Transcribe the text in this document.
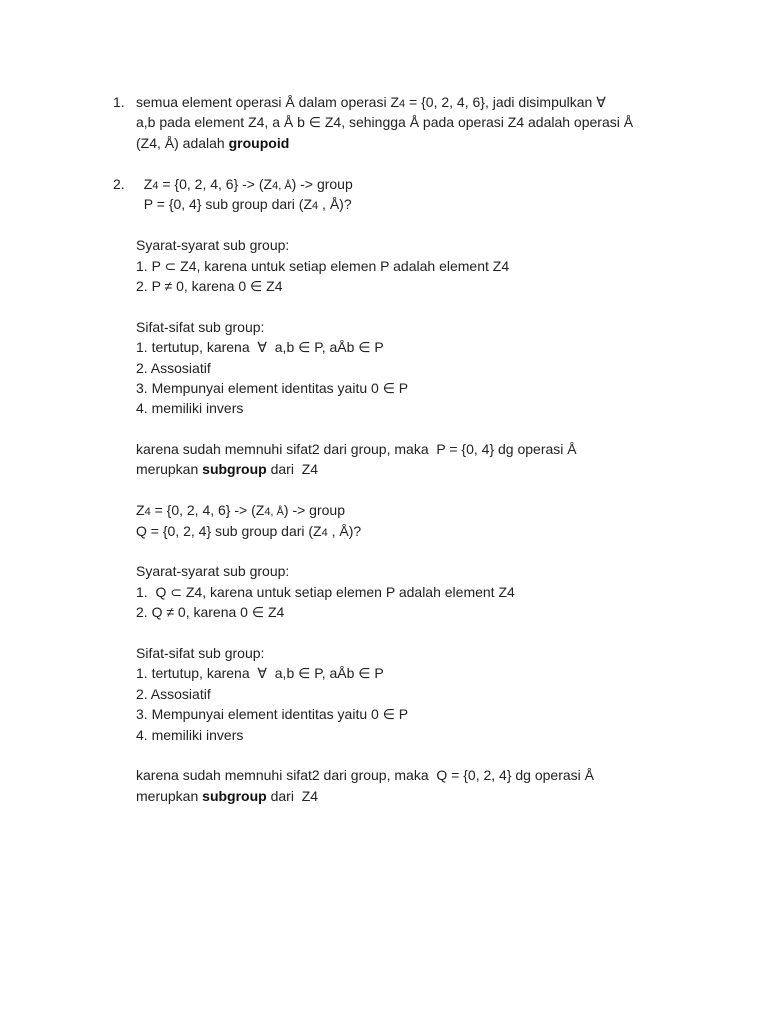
1. semua element operasi Å dalam operasi Z4 = {0, 2, 4, 6}, jadi disimpulkan ∀
a,b pada element Z4, a Å b ∈ Z4, sehingga Å pada operasi Z4 adalah operasi Å
(Z4, Å) adalah groupoid
2. Z4 = {0, 2, 4, 6} -> (Z4, Å) -> group
P = {0, 4} sub group dari (Z4 , Å)?
Syarat-syarat sub group:
1. P ⊂ Z4, karena untuk setiap elemen P adalah element Z4
2. P ≠ 0, karena 0 ∈ Z4
Sifat-sifat sub group:
1. tertutup, karena  ∀  a,b ∈ P, aÅb ∈ P
2. Assosiatif
3. Mempunyai element identitas yaitu 0 ∈ P
4. memiliki invers
karena sudah memnuhi sifat2 dari group, maka  P = {0, 4} dg operasi Å
merupkan subgroup dari  Z4
Z4 = {0, 2, 4, 6} -> (Z4, Å) -> group
Q = {0, 2, 4} sub group dari (Z4 , Å)?
Syarat-syarat sub group:
1.  Q ⊂ Z4, karena untuk setiap elemen P adalah element Z4
2. Q ≠ 0, karena 0 ∈ Z4
Sifat-sifat sub group:
1. tertutup, karena  ∀  a,b ∈ P, aÅb ∈ P
2. Assosiatif
3. Mempunyai element identitas yaitu 0 ∈ P
4. memiliki invers
karena sudah memnuhi sifat2 dari group, maka  Q = {0, 2, 4} dg operasi Å
merupkan subgroup dari  Z4
